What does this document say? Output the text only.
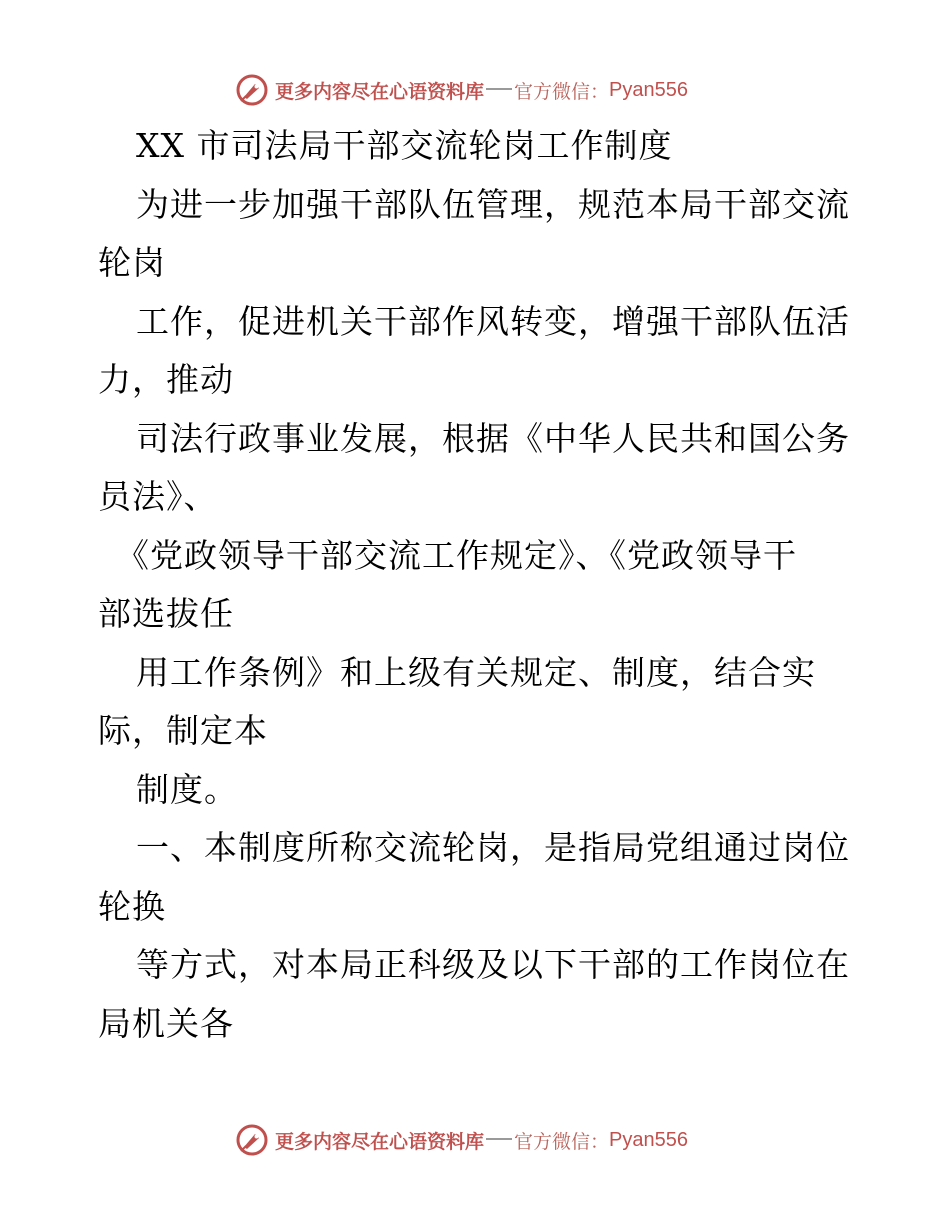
更多内容尽在心语资料库 官方微信： Pyan556
XX 市司法局干部交流轮岗工作制度
为进一步加强干部队伍管理，规范本局干部交流
轮岗
工作，促进机关干部作风转变，增强干部队伍活
力，推动
司法行政事业发展，根据《中华人民共和国公务
员法》、
《党政领导干部交流工作规定》、《党政领导干
部选拔任
用工作条例》和上级有关规定、制度，结合实
际，制定本
制度。
一、本制度所称交流轮岗，是指局党组通过岗位
轮换
等方式，对本局正科级及以下干部的工作岗位在
局机关各
更多内容尽在心语资料库 官方微信： Pyan556
